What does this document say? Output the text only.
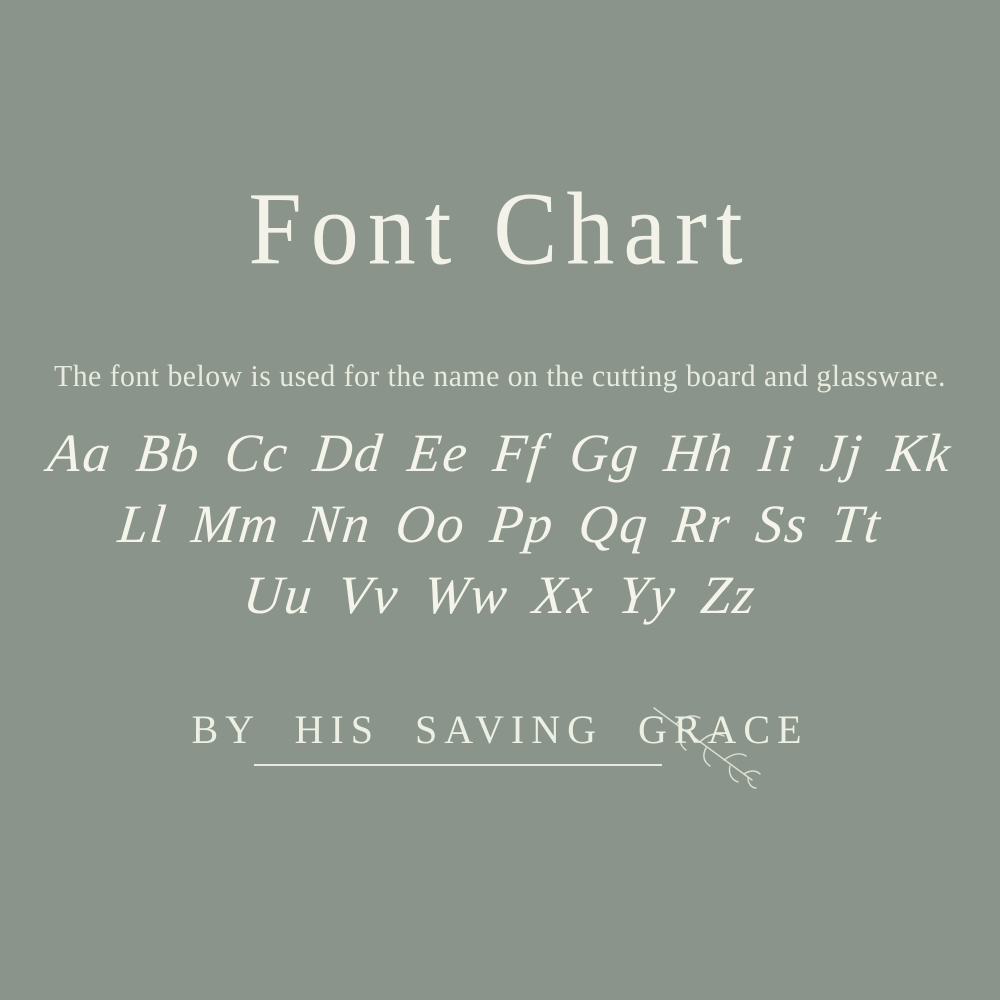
Font Chart

The font below is used for the name on the cutting board and glassware.

Aa Bb Cc Dd Ee Ff Gg Hh Ii Jj Kk
Ll Mm Nn Oo Pp Qq Rr Ss Tt
Uu Vv Ww Xx Yy Zz

BY HIS SAVING GRACE
